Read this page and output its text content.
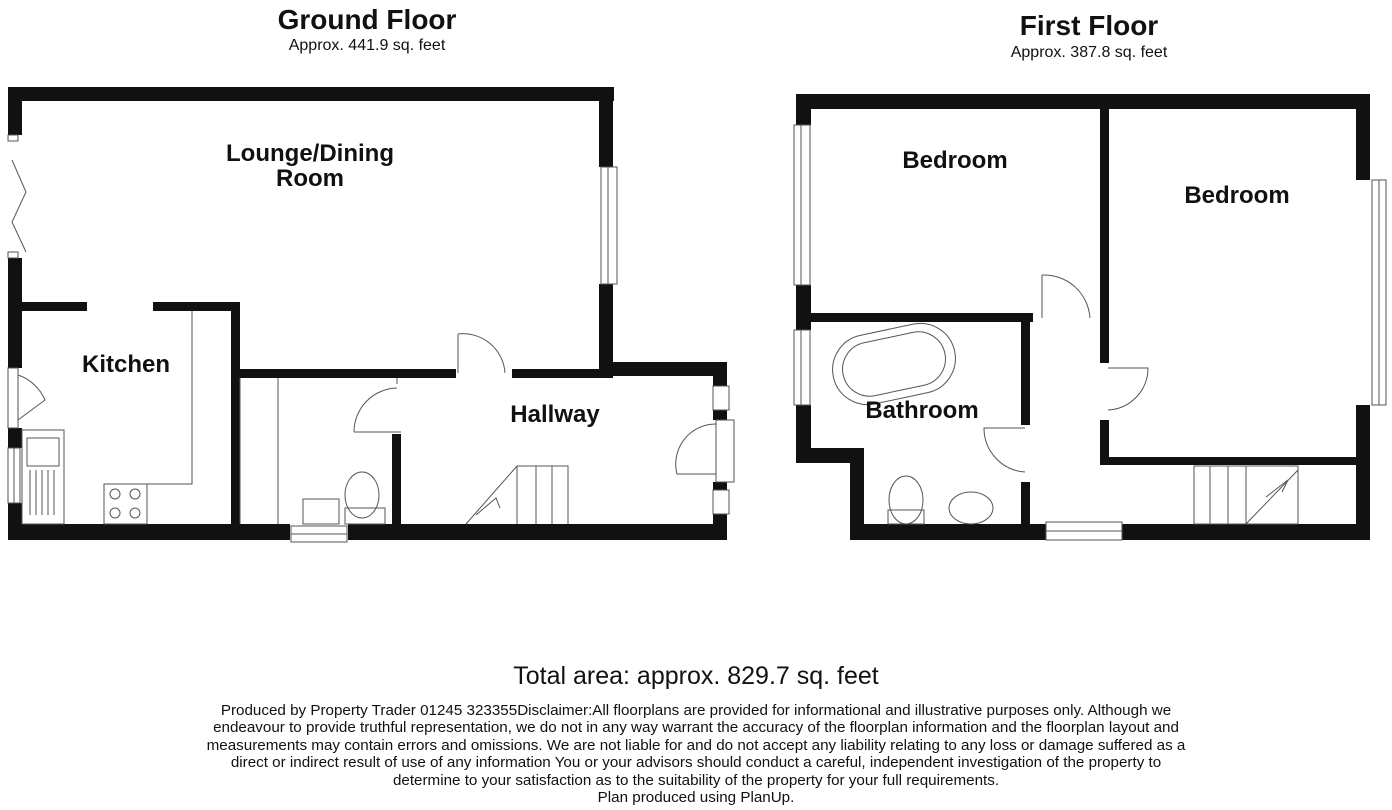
Ground Floor
Approx. 441.9 sq. feet
First Floor
Approx. 387.8 sq. feet
Lounge/Dining
Room
Kitchen
Hallway
Bedroom
Bedroom
Bathroom
Total area: approx. 829.7 sq. feet
Produced by Property Trader 01245 323355Disclaimer:All floorplans are provided for informational and illustrative purposes only. Although we endeavour to provide truthful representation, we do not in any way warrant the accuracy of the floorplan information and the floorplan layout and measurements may contain errors and omissions. We are not liable for and do not accept any liability relating to any loss or damage suffered as a direct or indirect result of use of any information You or your advisors should conduct a careful, independent investigation of the property to determine to your satisfaction as to the suitability of the property for your full requirements.
Plan produced using PlanUp.
